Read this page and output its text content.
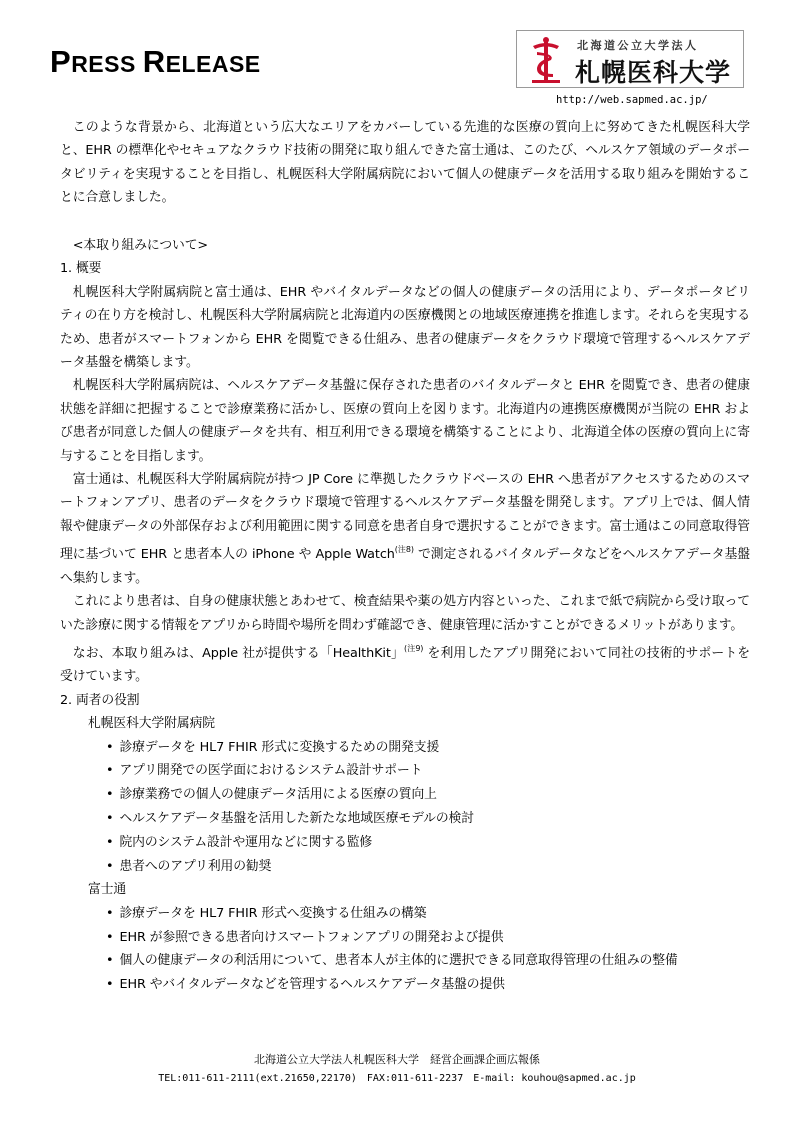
PRESS RELEASE
北海道公立大学法人
札幌医科大学
http://web.sapmed.ac.jp/

このような背景から、北海道という広大なエリアをカバーしている先進的な医療の質向上に努めてきた札幌医科大学と、EHR の標準化やセキュアなクラウド技術の開発に取り組んできた富士通は、このたび、ヘルスケア領域のデータポータビリティを実現することを目指し、札幌医科大学附属病院において個人の健康データを活用する取り組みを開始することに合意しました。

<本取り組みについて>

1. 概要

札幌医科大学附属病院と富士通は、EHR やバイタルデータなどの個人の健康データの活用により、データポータビリティの在り方を検討し、札幌医科大学附属病院と北海道内の医療機関との地域医療連携を推進します。それらを実現するため、患者がスマートフォンから EHR を閲覧できる仕組み、患者の健康データをクラウド環境で管理するヘルスケアデータ基盤を構築します。

札幌医科大学附属病院は、ヘルスケアデータ基盤に保存された患者のバイタルデータと EHR を閲覧でき、患者の健康状態を詳細に把握することで診療業務に活かし、医療の質向上を図ります。北海道内の連携医療機関が当院の EHR および患者が同意した個人の健康データを共有、相互利用できる環境を構築することにより、北海道全体の医療の質向上に寄与することを目指します。

富士通は、札幌医科大学附属病院が持つ JP Core に準拠したクラウドベースの EHR へ患者がアクセスするためのスマートフォンアプリ、患者のデータをクラウド環境で管理するヘルスケアデータ基盤を開発します。アプリ上では、個人情報や健康データの外部保存および利用範囲に関する同意を患者自身で選択することができます。富士通はこの同意取得管理に基づいて EHR と患者本人の iPhone や Apple Watch$^{(注8)}$ で測定されるバイタルデータなどをヘルスケアデータ基盤へ集約します。

これにより患者は、自身の健康状態とあわせて、検査結果や薬の処方内容といった、これまで紙で病院から受け取っていた診療に関する情報をアプリから時間や場所を問わず確認でき、健康管理に活かすことができるメリットがあります。

なお、本取り組みは、Apple 社が提供する「HealthKit」$^{(注9)}$ を利用したアプリ開発において同社の技術的サポートを受けています。

2. 両者の役割

札幌医科大学附属病院

• 診療データを HL7 FHIR 形式に変換するための開発支援
• アプリ開発での医学面におけるシステム設計サポート
• 診療業務での個人の健康データ活用による医療の質向上
• ヘルスケアデータ基盤を活用した新たな地域医療モデルの検討
• 院内のシステム設計や運用などに関する監修
• 患者へのアプリ利用の勧奨

富士通

• 診療データを HL7 FHIR 形式へ変換する仕組みの構築
• EHR が参照できる患者向けスマートフォンアプリの開発および提供
• 個人の健康データの利活用について、患者本人が主体的に選択できる同意取得管理の仕組みの整備
• EHR やバイタルデータなどを管理するヘルスケアデータ基盤の提供
北海道公立大学法人札幌医科大学　経営企画課企画広報係
TEL:011-611-2111(ext.21650,22170)　FAX:011-611-2237　E-mail: kouhou@sapmed.ac.jp
